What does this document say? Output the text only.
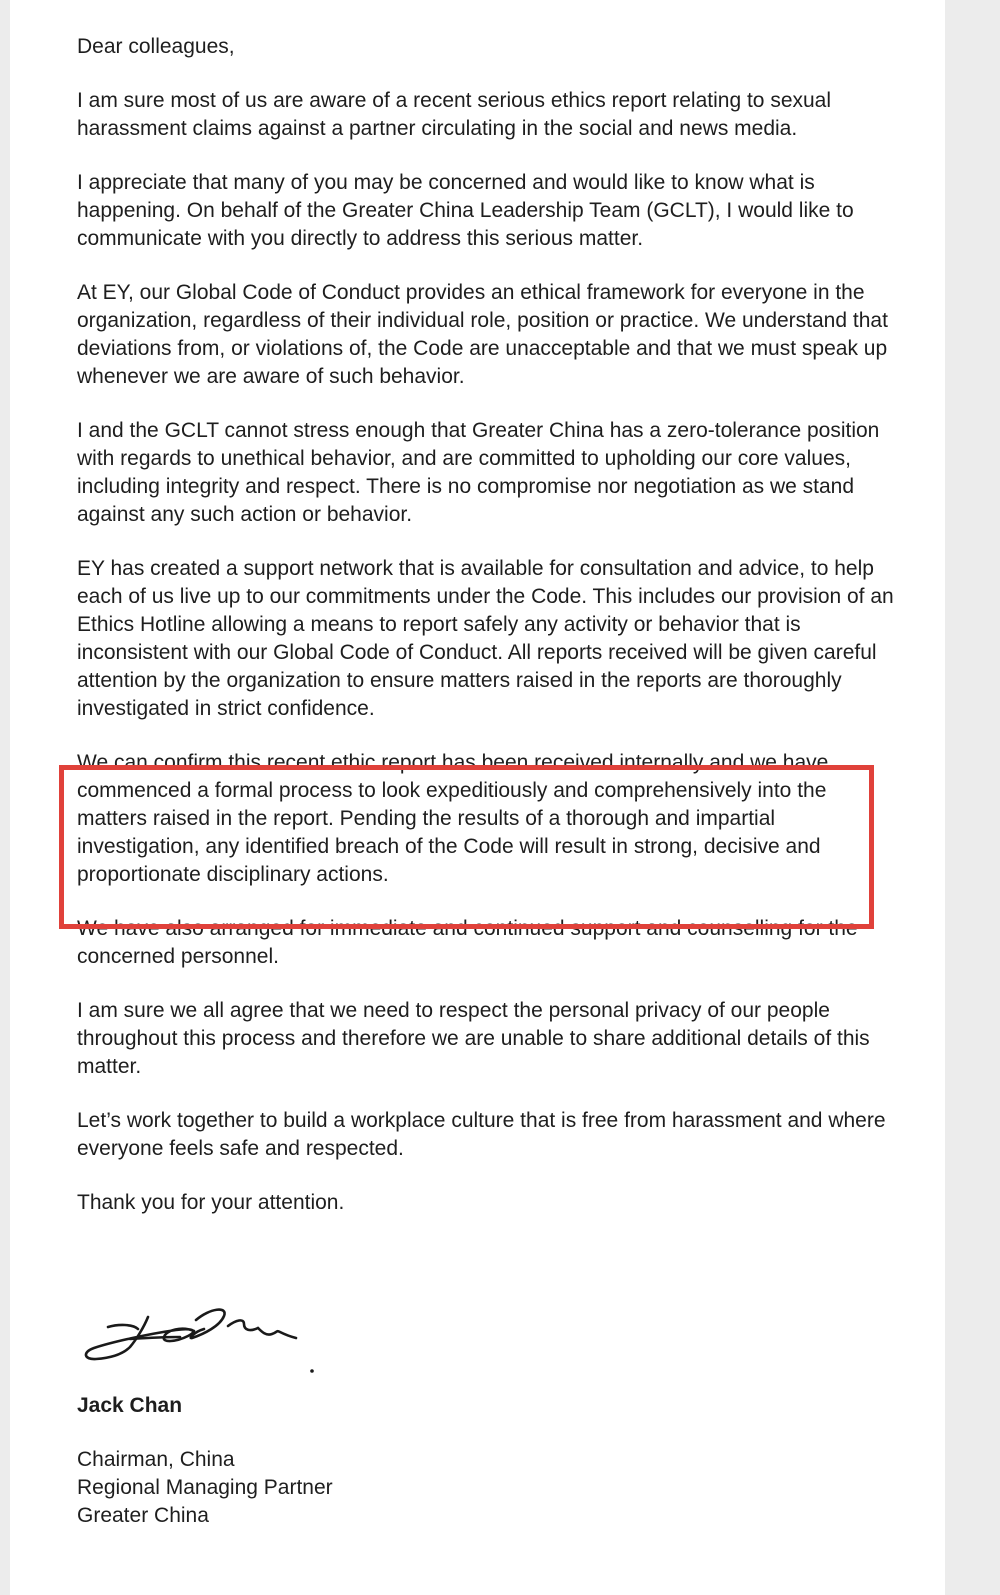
Dear colleagues,

I am sure most of us are aware of a recent serious ethics report relating to sexual harassment claims against a partner circulating in the social and news media.

I appreciate that many of you may be concerned and would like to know what is happening. On behalf of the Greater China Leadership Team (GCLT), I would like to communicate with you directly to address this serious matter.

At EY, our Global Code of Conduct provides an ethical framework for everyone in the organization, regardless of their individual role, position or practice. We understand that deviations from, or violations of, the Code are unacceptable and that we must speak up whenever we are aware of such behavior.

I and the GCLT cannot stress enough that Greater China has a zero-tolerance position with regards to unethical behavior, and are committed to upholding our core values, including integrity and respect. There is no compromise nor negotiation as we stand against any such action or behavior.

EY has created a support network that is available for consultation and advice, to help each of us live up to our commitments under the Code. This includes our provision of an Ethics Hotline allowing a means to report safely any activity or behavior that is inconsistent with our Global Code of Conduct. All reports received will be given careful attention by the organization to ensure matters raised in the reports are thoroughly investigated in strict confidence.

We can confirm this recent ethic report has been received internally and we have commenced a formal process to look expeditiously and comprehensively into the matters raised in the report. Pending the results of a thorough and impartial investigation, any identified breach of the Code will result in strong, decisive and proportionate disciplinary actions.

We have also arranged for immediate and continued support and counselling for the concerned personnel.

I am sure we all agree that we need to respect the personal privacy of our people throughout this process and therefore we are unable to share additional details of this matter.

Let’s work together to build a workplace culture that is free from harassment and where everyone feels safe and respected.

Thank you for your attention.

Jack Chan
Chairman, China
Regional Managing Partner
Greater China
